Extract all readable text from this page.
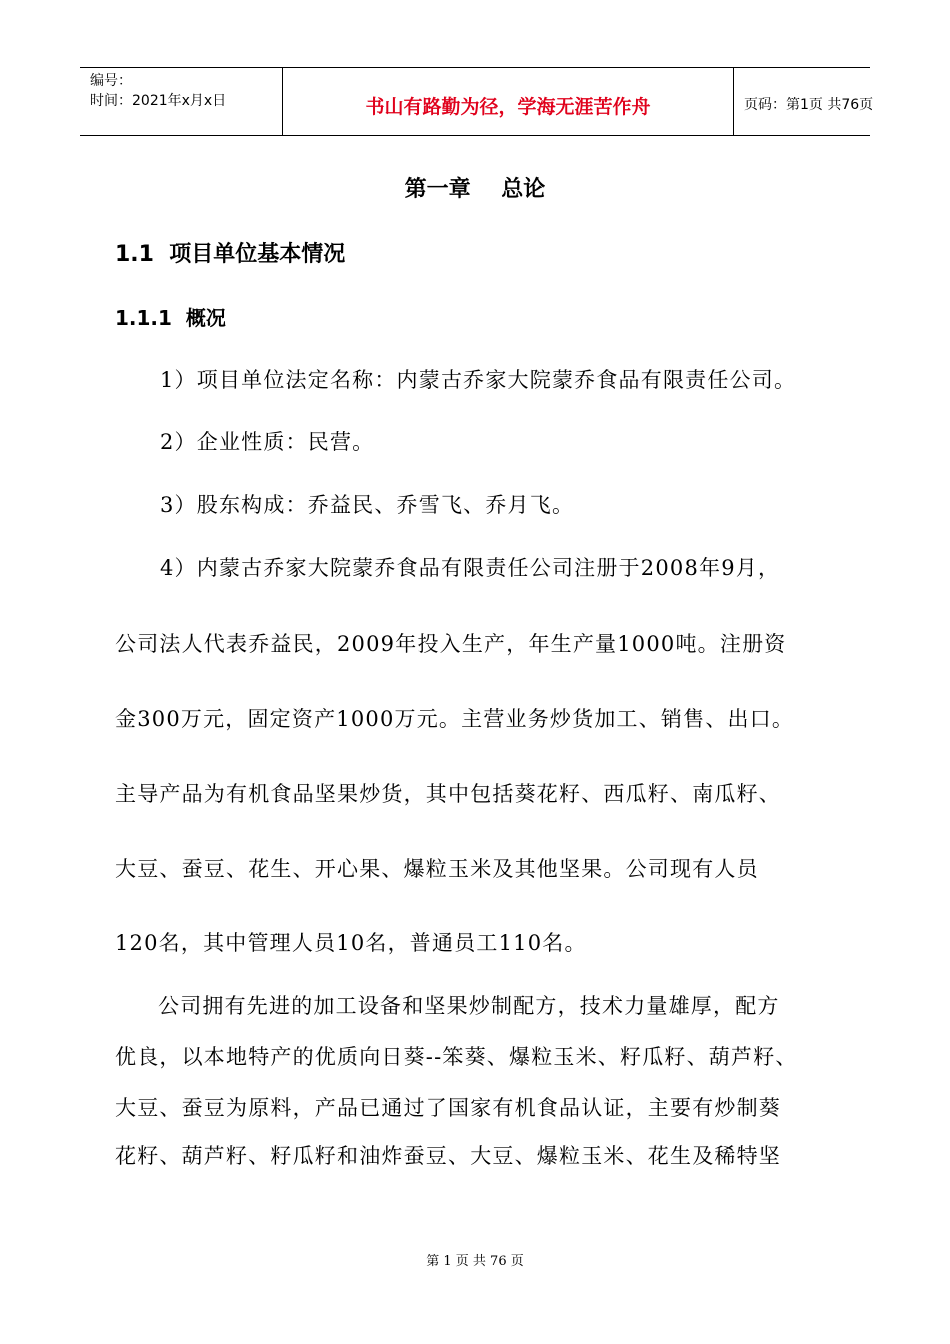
编号：
时间：2021年x月x日	书山有路勤为径，学海无涯苦作舟	页码：第1页 共76页
第一章    总论
1.1  项目单位基本情况
1.1.1  概况
1）项目单位法定名称：内蒙古乔家大院蒙乔食品有限责任公司。
2）企业性质：民营。
3）股东构成：乔益民、乔雪飞、乔月飞。
4）内蒙古乔家大院蒙乔食品有限责任公司注册于2008年9月，
公司法人代表乔益民，2009年投入生产，年生产量1000吨。注册资
金300万元，固定资产1000万元。主营业务炒货加工、销售、出口。
主导产品为有机食品坚果炒货，其中包括葵花籽、西瓜籽、南瓜籽、
大豆、蚕豆、花生、开心果、爆粒玉米及其他坚果。公司现有人员
120名，其中管理人员10名，普通员工110名。
公司拥有先进的加工设备和坚果炒制配方，技术力量雄厚，配方
优良，以本地特产的优质向日葵--笨葵、爆粒玉米、籽瓜籽、葫芦籽、
大豆、蚕豆为原料，产品已通过了国家有机食品认证，主要有炒制葵
花籽、葫芦籽、籽瓜籽和油炸蚕豆、大豆、爆粒玉米、花生及稀特坚
第 1 页 共 76 页
